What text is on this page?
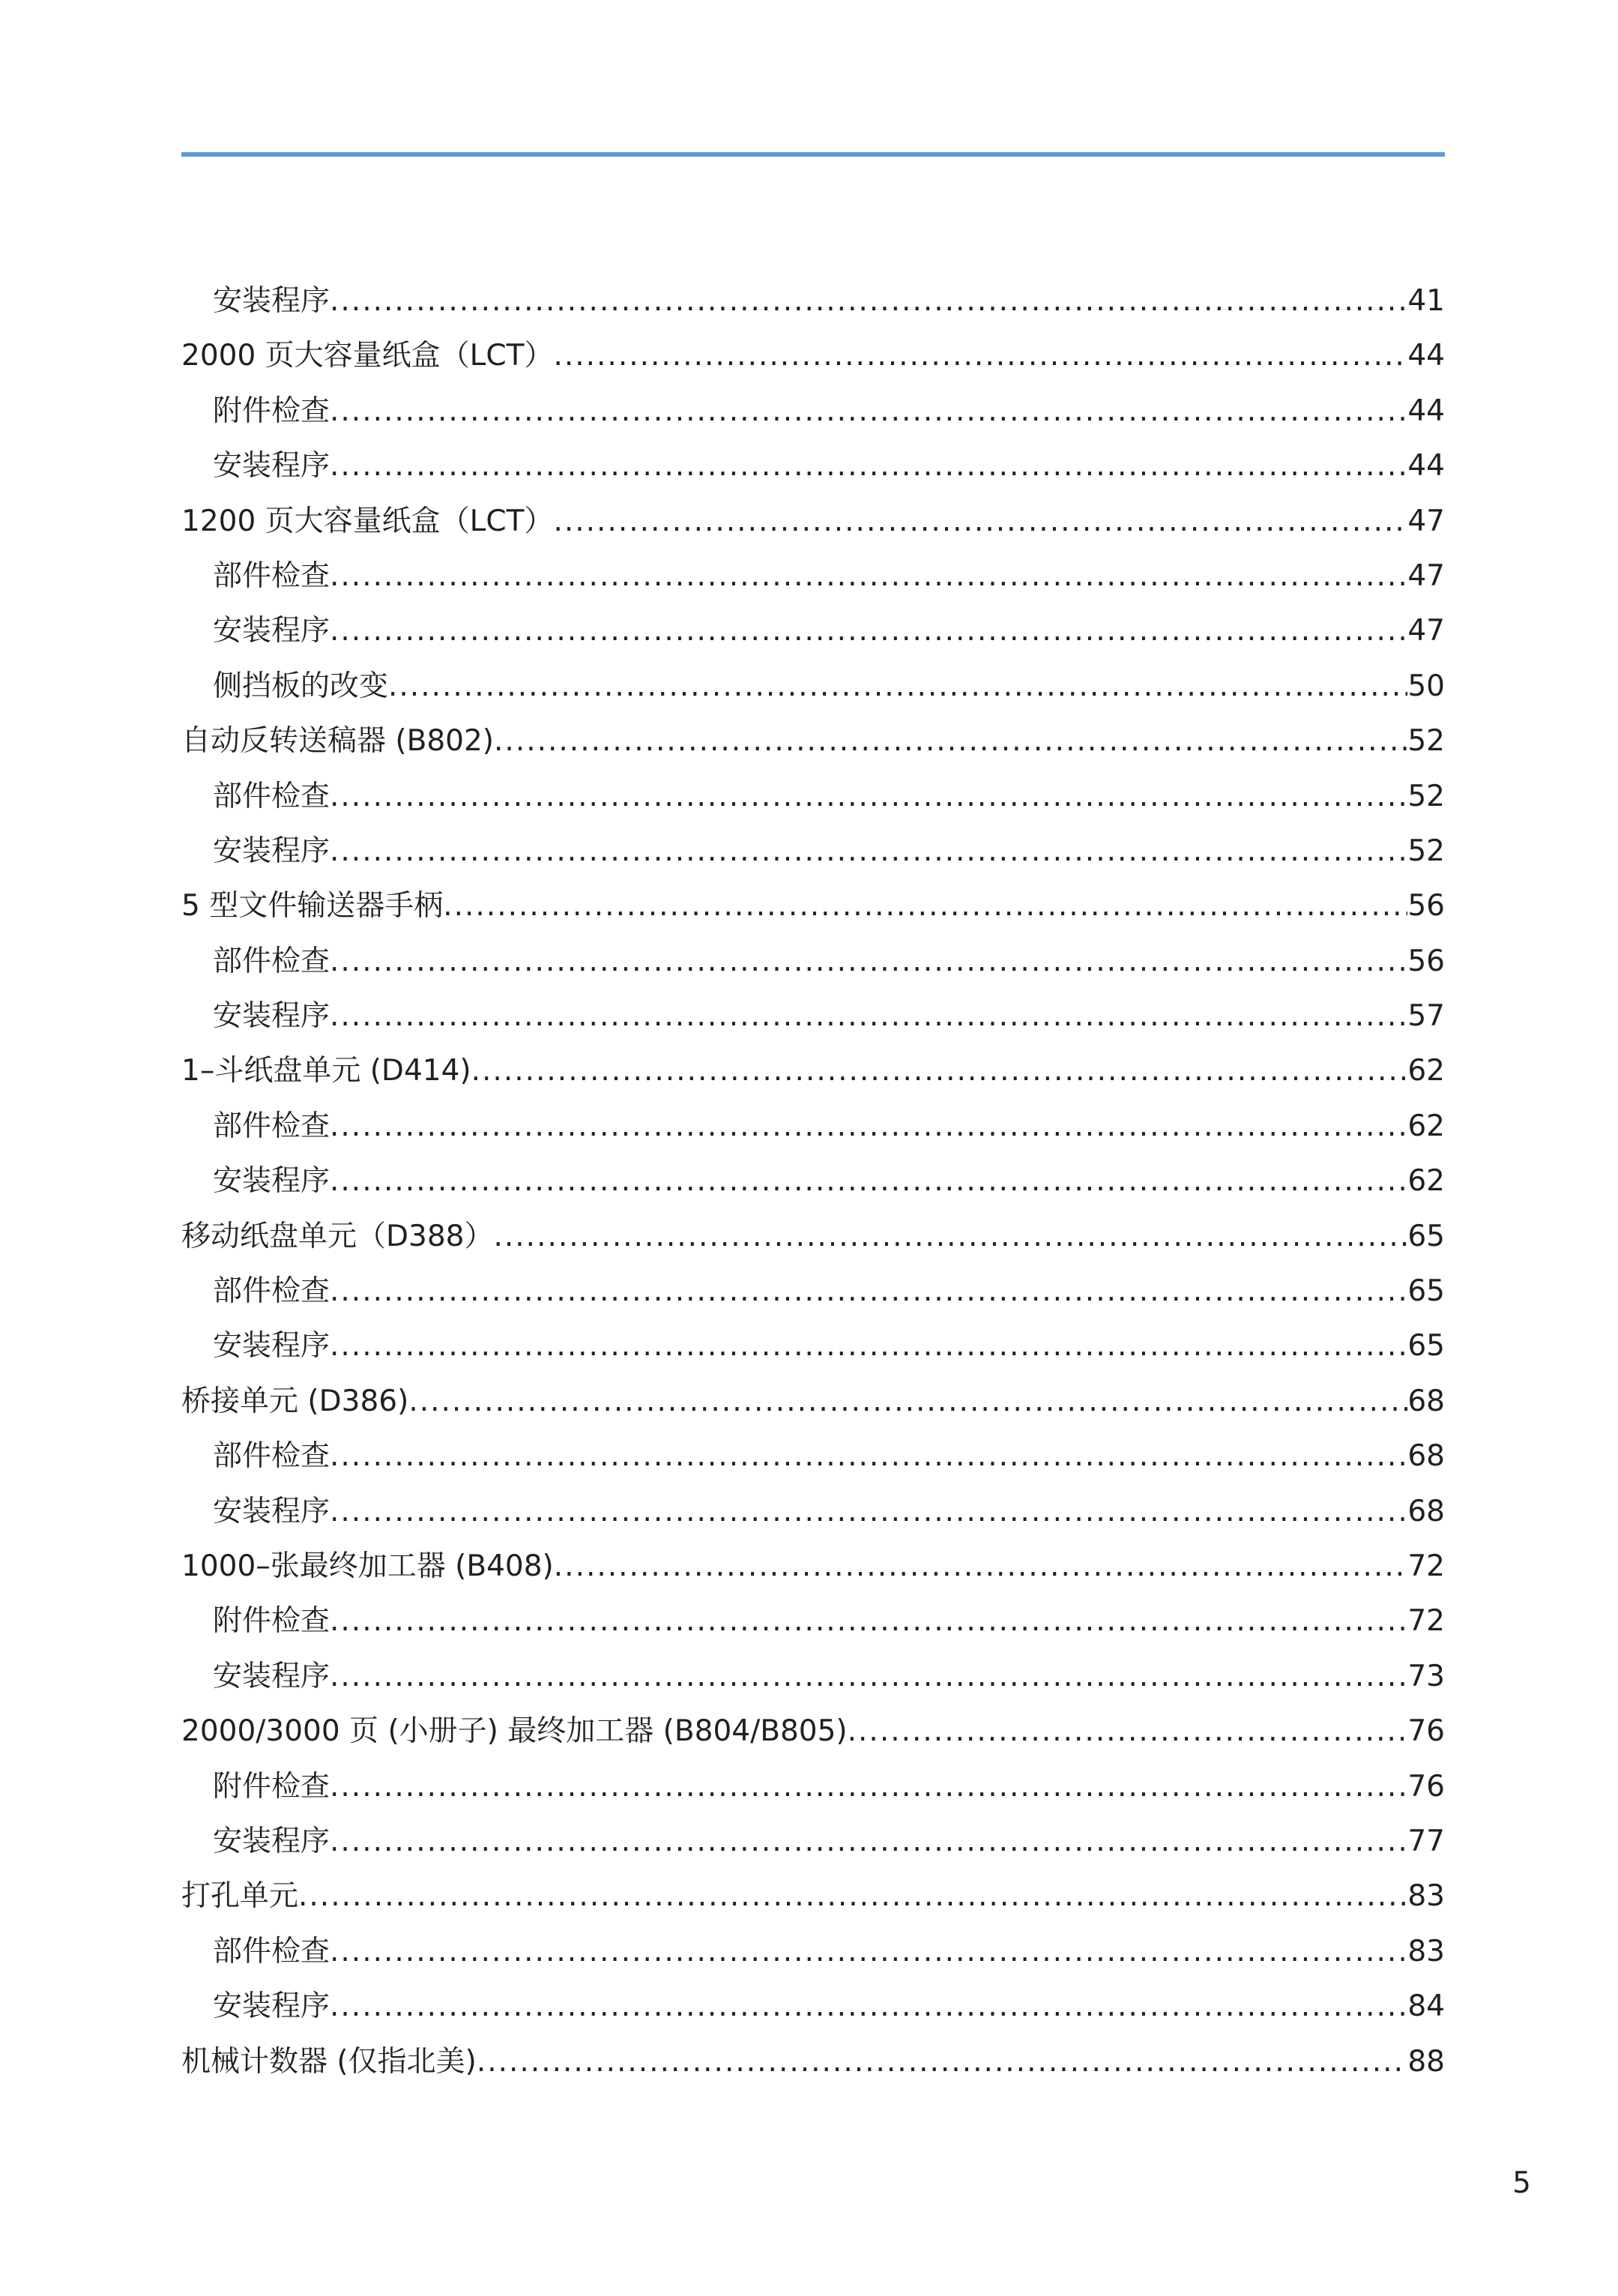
安装程序 .....	41
2000 页大容量纸盒（LCT） .....	44
附件检查 .....	44
安装程序 .....	44
1200 页大容量纸盒（LCT） .....	47
部件检查 .....	47
安装程序 .....	47
侧挡板的改变 .....	50
自动反转送稿器 (B802) .....	52
部件检查 .....	52
安装程序 .....	52
5 型文件输送器手柄 .....	56
部件检查 .....	56
安装程序 .....	57
1–斗纸盘单元 (D414) .....	62
部件检查 .....	62
安装程序 .....	62
移动纸盘单元（D388） .....	65
部件检查 .....	65
安装程序 .....	65
桥接单元 (D386) .....	68
部件检查 .....	68
安装程序 .....	68
1000–张最终加工器 (B408) .....	72
附件检查 .....	72
安装程序 .....	73
2000/3000 页 (小册子) 最终加工器 (B804/B805) .....	76
附件检查 .....	76
安装程序 .....	77
打孔单元 .....	83
部件检查 .....	83
安装程序 .....	84
机械计数器 (仅指北美) .....	88
5
